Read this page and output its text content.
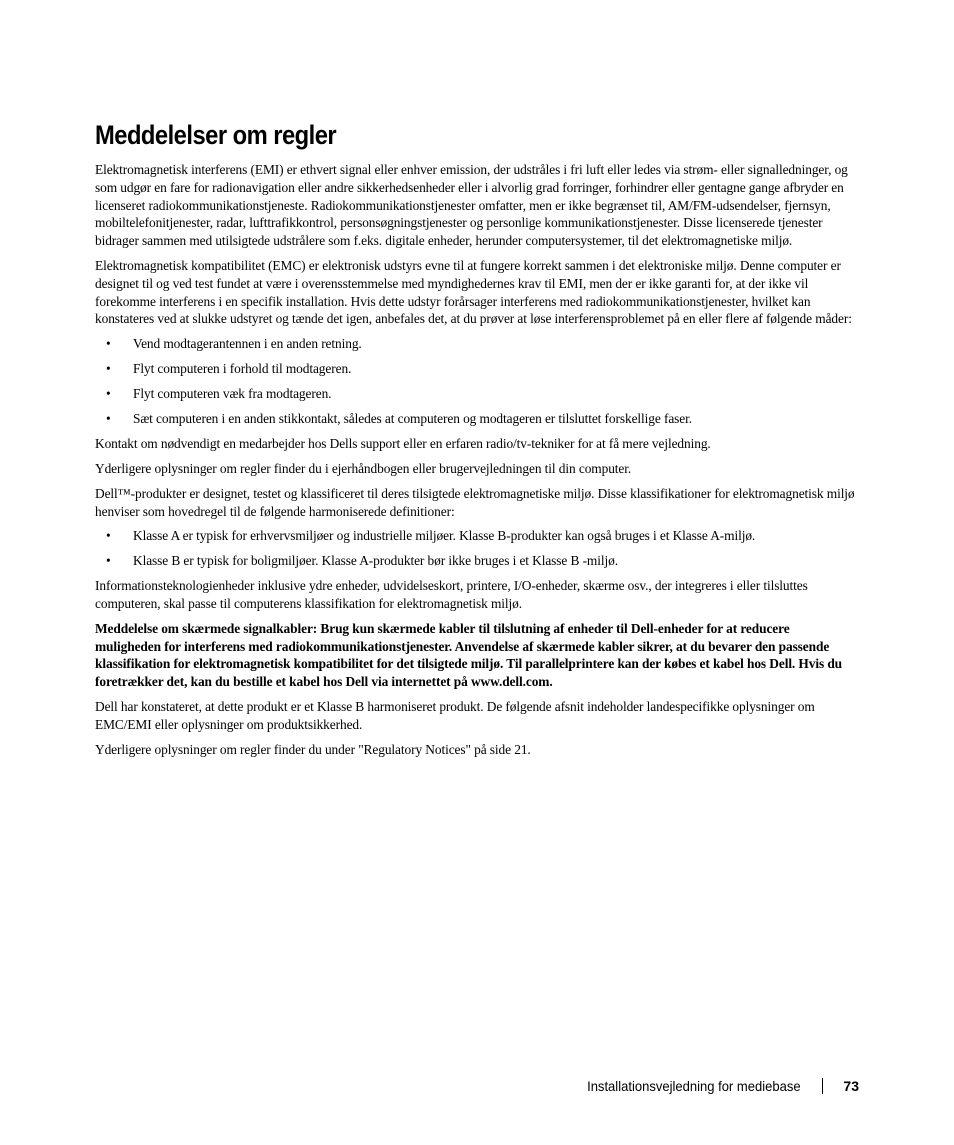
Meddelelser om regler

Elektromagnetisk interferens (EMI) er ethvert signal eller enhver emission, der udstråles i fri luft eller ledes via strøm- eller signalledninger, og som udgør en fare for radionavigation eller andre sikkerhedsenheder eller i alvorlig grad forringer, forhindrer eller gentagne gange afbryder en licenseret radiokommunikationstjeneste. Radiokommunikationstjenester omfatter, men er ikke begrænset til, AM/FM-udsendelser, fjernsyn, mobiltelefonitjenester, radar, lufttrafikkontrol, personsøgningstjenester og personlige kommunikationstjenester. Disse licenserede tjenester bidrager sammen med utilsigtede udstrålere som f.eks. digitale enheder, herunder computersystemer, til det elektromagnetiske miljø.

Elektromagnetisk kompatibilitet (EMC) er elektronisk udstyrs evne til at fungere korrekt sammen i det elektroniske miljø. Denne computer er designet til og ved test fundet at være i overensstemmelse med myndighedernes krav til EMI, men der er ikke garanti for, at der ikke vil forekomme interferens i en specifik installation. Hvis dette udstyr forårsager interferens med radiokommunikationstjenester, hvilket kan konstateres ved at slukke udstyret og tænde det igen, anbefales det, at du prøver at løse interferensproblemet på en eller flere af følgende måder:

• Vend modtagerantennen i en anden retning.
• Flyt computeren i forhold til modtageren.
• Flyt computeren væk fra modtageren.
• Sæt computeren i en anden stikkontakt, således at computeren og modtageren er tilsluttet forskellige faser.

Kontakt om nødvendigt en medarbejder hos Dells support eller en erfaren radio/tv-tekniker for at få mere vejledning.

Yderligere oplysninger om regler finder du i ejerhåndbogen eller brugervejledningen til din computer.

Dell™-produkter er designet, testet og klassificeret til deres tilsigtede elektromagnetiske miljø. Disse klassifikationer for elektromagnetisk miljø henviser som hovedregel til de følgende harmoniserede definitioner:

• Klasse A er typisk for erhvervsmiljøer og industrielle miljøer. Klasse B-produkter kan også bruges i et Klasse A-miljø.
• Klasse B er typisk for boligmiljøer. Klasse A-produkter bør ikke bruges i et Klasse B -miljø.

Informationsteknologienheder inklusive ydre enheder, udvidelseskort, printere, I/O-enheder, skærme osv., der integreres i eller tilsluttes computeren, skal passe til computerens klassifikation for elektromagnetisk miljø.

Meddelelse om skærmede signalkabler: Brug kun skærmede kabler til tilslutning af enheder til Dell-enheder for at reducere muligheden for interferens med radiokommunikationstjenester. Anvendelse af skærmede kabler sikrer, at du bevarer den passende klassifikation for elektromagnetisk kompatibilitet for det tilsigtede miljø. Til parallelprintere kan der købes et kabel hos Dell. Hvis du foretrækker det, kan du bestille et kabel hos Dell via internettet på www.dell.com.

Dell har konstateret, at dette produkt er et Klasse B harmoniseret produkt. De følgende afsnit indeholder landespecifikke oplysninger om EMC/EMI eller oplysninger om produktsikkerhed.

Yderligere oplysninger om regler finder du under "Regulatory Notices" på side 21.

Installationsvejledning for mediebase	73
